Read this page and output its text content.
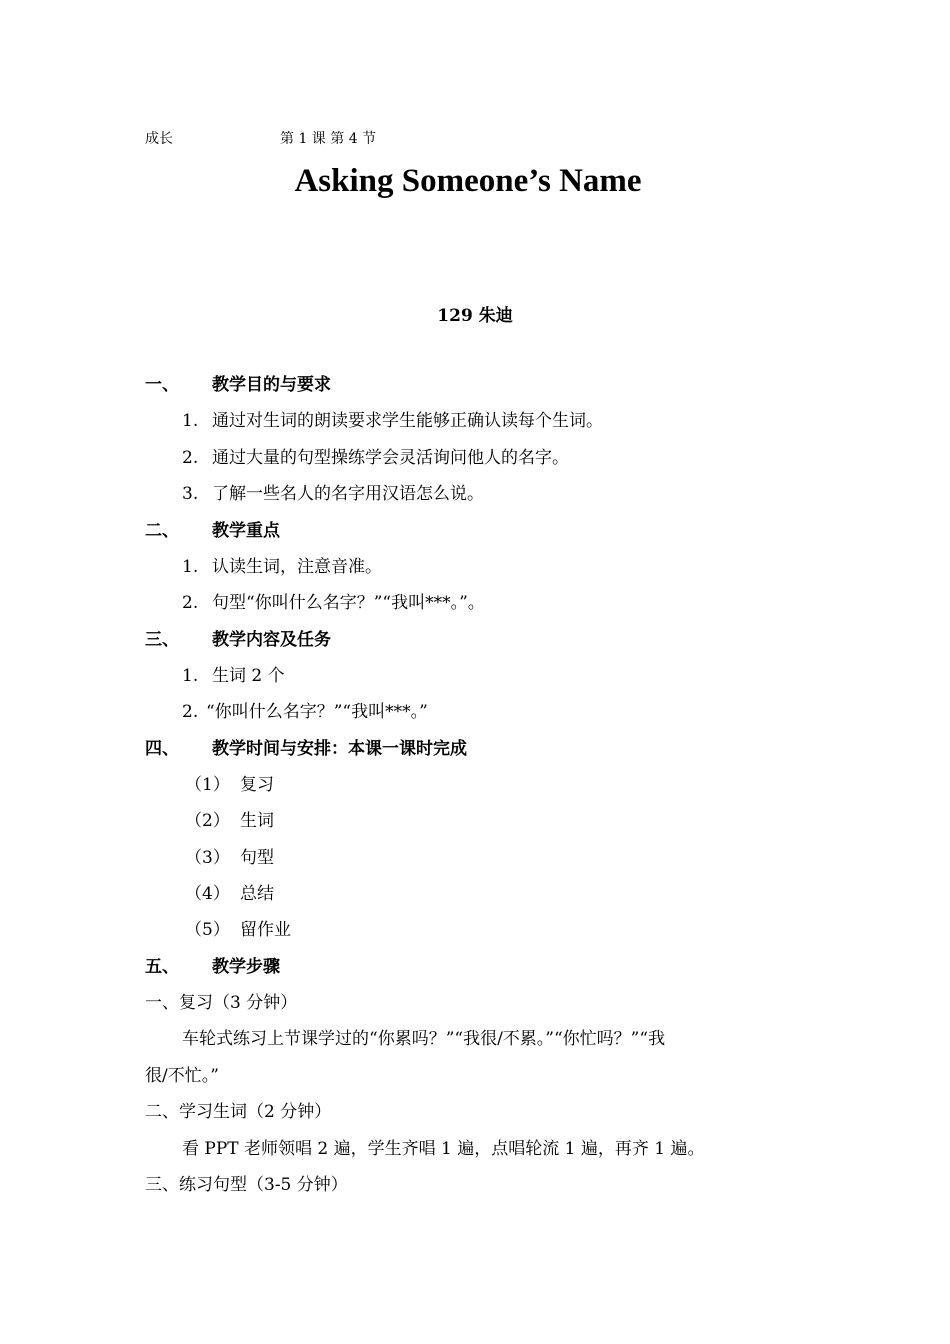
成长	第 1 课 第 4 节
Asking Someone’s Name
129 朱迪
一、 教学目的与要求
1. 通过对生词的朗读要求学生能够正确认读每个生词。
2. 通过大量的句型操练学会灵活询问他人的名字。
3. 了解一些名人的名字用汉语怎么说。
二、 教学重点
1. 认读生词，注意音准。
2. 句型“你叫什么名字？”“我叫***。”。
三、 教学内容及任务
1. 生词 2 个
2. “你叫什么名字？”“我叫***。”
四、 教学时间与安排：本课一课时完成
（1） 复习
（2） 生词
（3） 句型
（4） 总结
（5） 留作业
五、 教学步骤
一、复习（3 分钟）
车轮式练习上节课学过的“你累吗？”“我很/不累。”“你忙吗？”“我
很/不忙。”
二、学习生词（2 分钟）
看 PPT 老师领唱 2 遍，学生齐唱 1 遍，点唱轮流 1 遍，再齐 1 遍。
三、练习句型（3-5 分钟）
